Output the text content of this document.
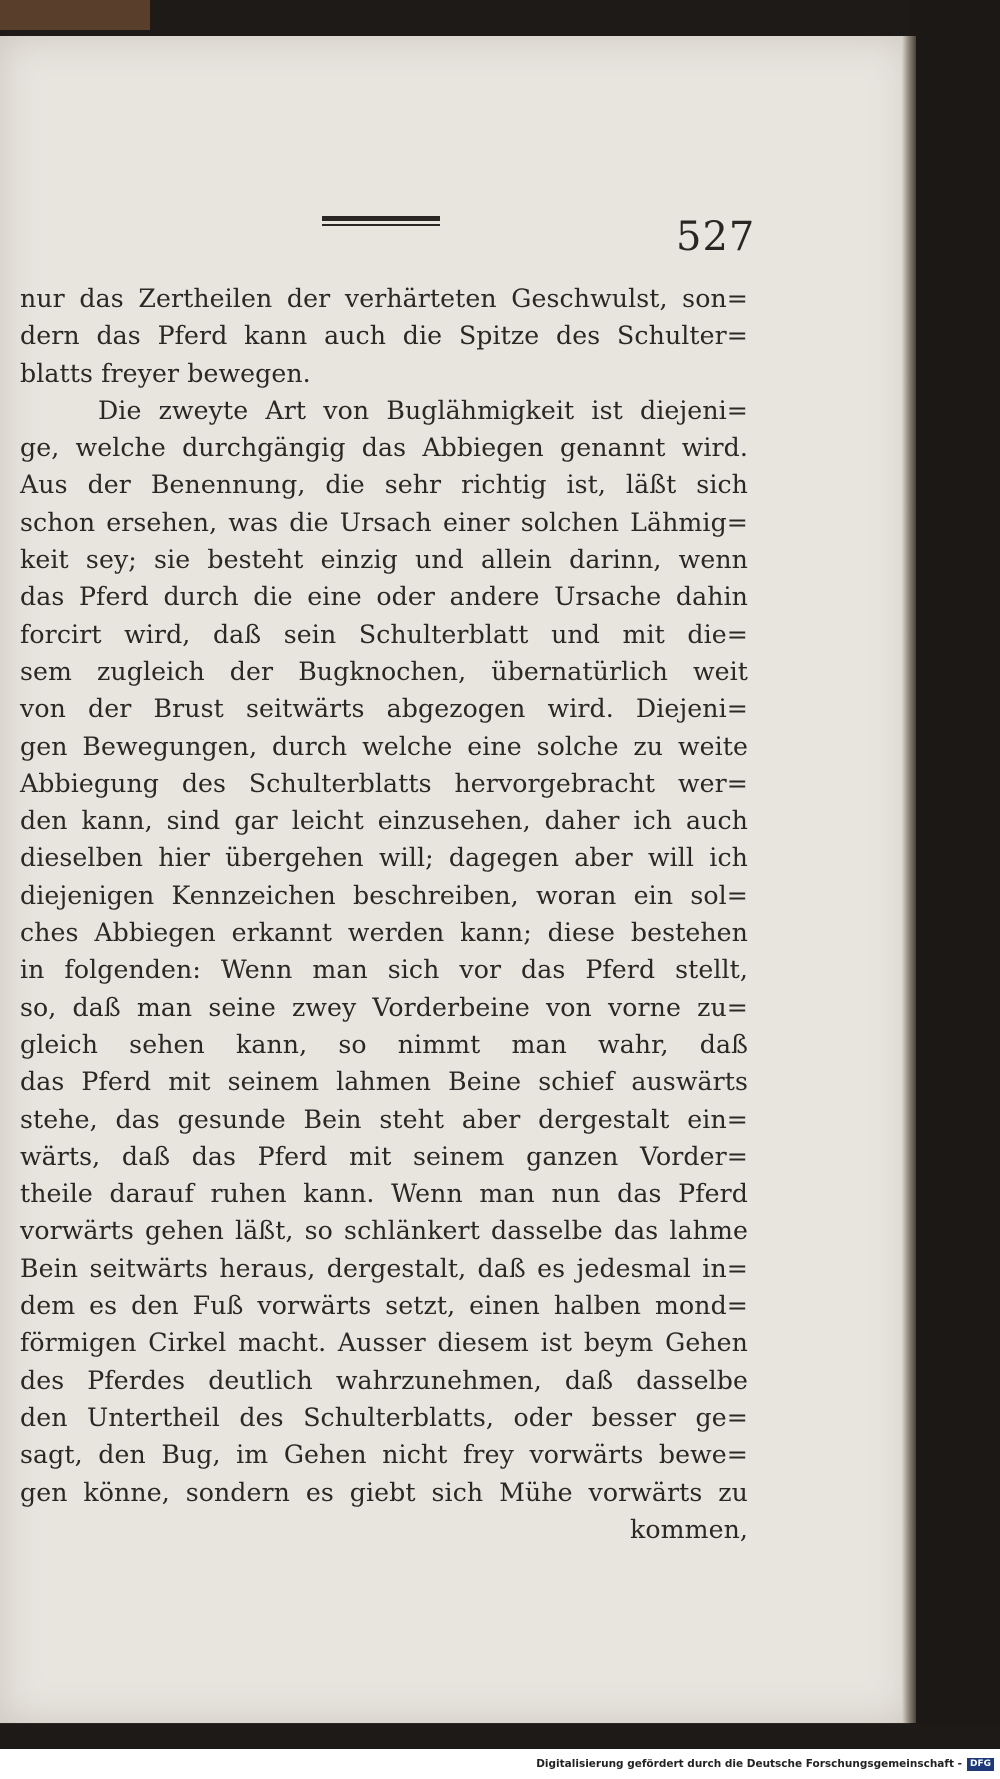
527
nur das Zertheilen der verhärteten Geschwulst, son=
dern das Pferd kann auch die Spitze des Schulter=
blatts freyer bewegen.
Die zweyte Art von Buglähmigkeit ist diejeni=
ge, welche durchgängig das Abbiegen genannt wird.
Aus der Benennung, die sehr richtig ist, läßt sich
schon ersehen, was die Ursach einer solchen Lähmig=
keit sey; sie besteht einzig und allein darinn, wenn
das Pferd durch die eine oder andere Ursache dahin
forcirt wird, daß sein Schulterblatt und mit die=
sem zugleich der Bugknochen, übernatürlich weit
von der Brust seitwärts abgezogen wird. Diejeni=
gen Bewegungen, durch welche eine solche zu weite
Abbiegung des Schulterblatts hervorgebracht wer=
den kann, sind gar leicht einzusehen, daher ich auch
dieselben hier übergehen will; dagegen aber will ich
diejenigen Kennzeichen beschreiben, woran ein sol=
ches Abbiegen erkannt werden kann; diese bestehen
in folgenden: Wenn man sich vor das Pferd stellt,
so, daß man seine zwey Vorderbeine von vorne zu=
gleich sehen kann, so nimmt man wahr, daß
das Pferd mit seinem lahmen Beine schief auswärts
stehe, das gesunde Bein steht aber dergestalt ein=
wärts, daß das Pferd mit seinem ganzen Vorder=
theile darauf ruhen kann. Wenn man nun das Pferd
vorwärts gehen läßt, so schlänkert dasselbe das lahme
Bein seitwärts heraus, dergestalt, daß es jedesmal in=
dem es den Fuß vorwärts setzt, einen halben mond=
förmigen Cirkel macht. Ausser diesem ist beym Gehen
des Pferdes deutlich wahrzunehmen, daß dasselbe
den Untertheil des Schulterblatts, oder besser ge=
sagt, den Bug, im Gehen nicht frey vorwärts bewe=
gen könne, sondern es giebt sich Mühe vorwärts zu
kommen,
Digitalisierung gefördert durch die Deutsche Forschungsgemeinschaft - DFG
